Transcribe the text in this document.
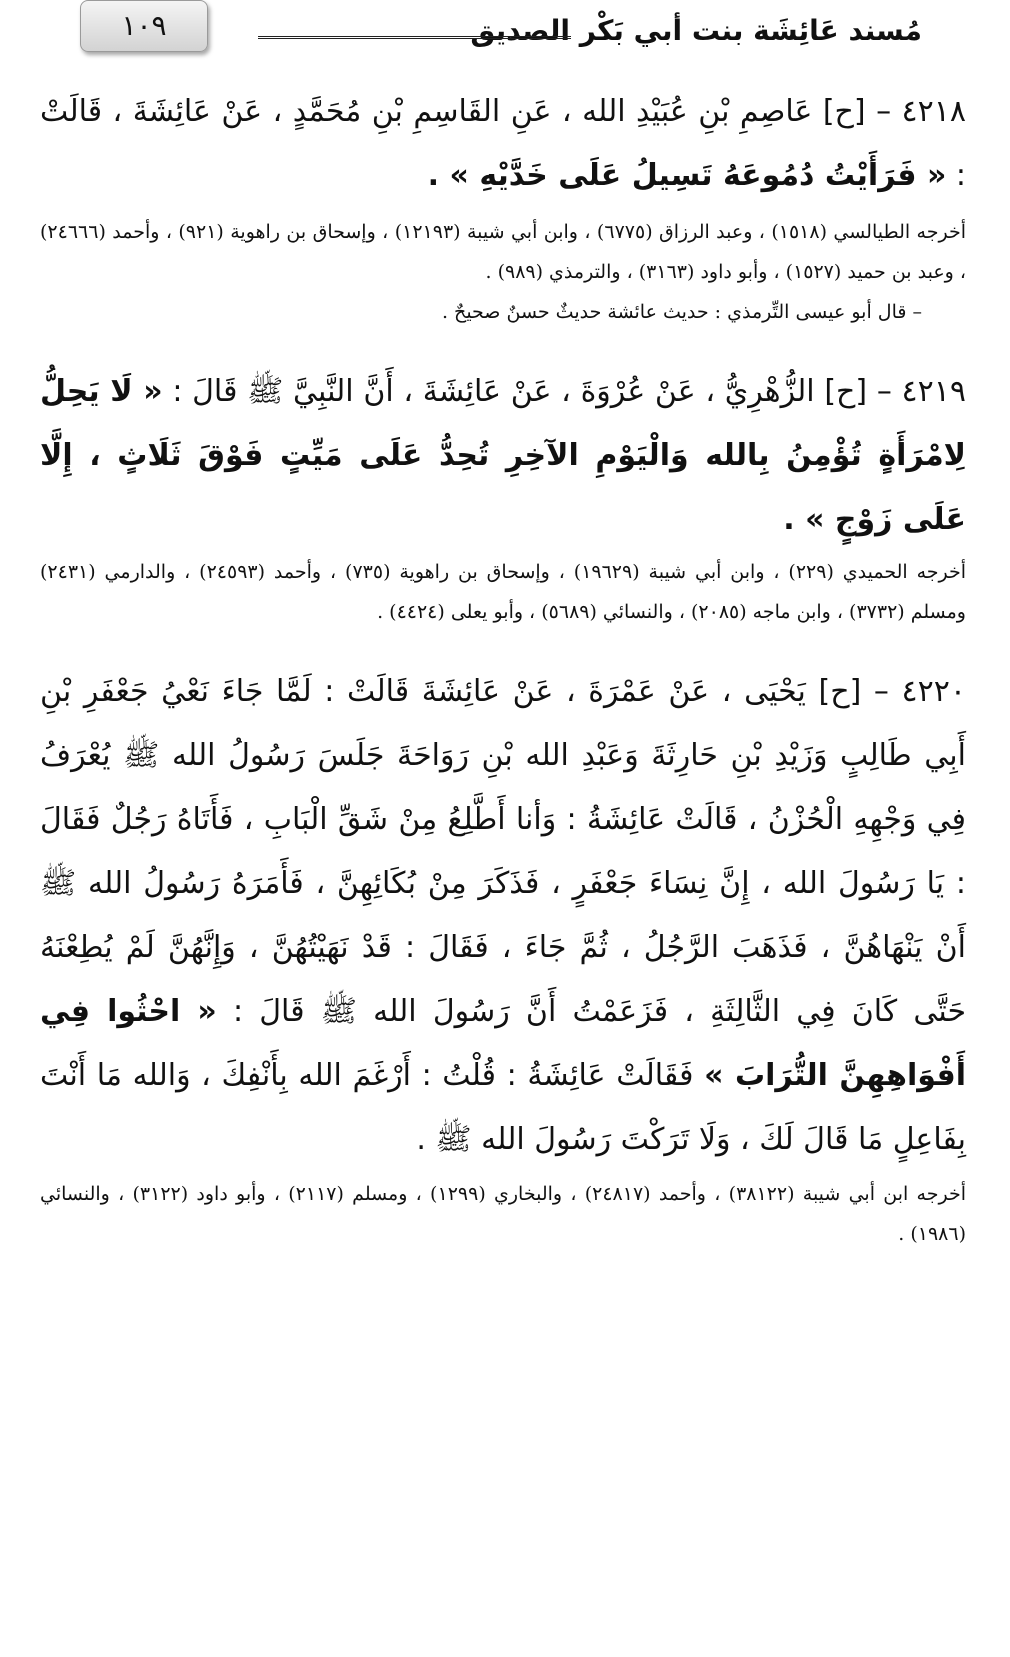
مُسند عَائِشَة بنت أبي بَكْر الصديق
١٠٩

٤٢١٨ – [ح] عَاصِمِ بْنِ عُبَيْدِ الله ، عَنِ القَاسِمِ بْنِ مُحَمَّدٍ ، عَنْ عَائِشَةَ ، قَالَتْ : « فَرَأَيْتُ دُمُوعَهُ تَسِيلُ عَلَى خَدَّيْهِ » .

أخرجه الطيالسي (١٥١٨) ، وعبد الرزاق (٦٧٧٥) ، وابن أبي شيبة (١٢١٩٣) ، وإسحاق بن راهوية (٩٢١) ، وأحمد (٢٤٦٦٦) ، وعبد بن حميد (١٥٢٧) ، وأبو داود (٣١٦٣) ، والترمذي (٩٨٩) .

– قال أبو عيسى التِّرمذي : حديث عائشة حديثٌ حسنٌ صحيحٌ .

٤٢١٩ – [ح] الزُّهْرِيُّ ، عَنْ عُرْوَةَ ، عَنْ عَائِشَةَ ، أَنَّ النَّبِيَّ ﷺ قَالَ : « لَا يَحِلُّ لِامْرَأَةٍ تُؤْمِنُ بِالله وَالْيَوْمِ الآخِرِ تُحِدُّ عَلَى مَيِّتٍ فَوْقَ ثَلَاثٍ ، إِلَّا عَلَى زَوْجٍ » .

أخرجه الحميدي (٢٢٩) ، وابن أبي شيبة (١٩٦٢٩) ، وإسحاق بن راهوية (٧٣٥) ، وأحمد (٢٤٥٩٣) ، والدارمي (٢٤٣١) ومسلم (٣٧٣٢) ، وابن ماجه (٢٠٨٥) ، والنسائي (٥٦٨٩) ، وأبو يعلى (٤٤٢٤) .

٤٢٢٠ – [ح] يَحْيَى ، عَنْ عَمْرَةَ ، عَنْ عَائِشَةَ قَالَتْ : لَمَّا جَاءَ نَعْيُ جَعْفَرِ بْنِ أَبِي طَالِبٍ وَزَيْدِ بْنِ حَارِثَةَ وَعَبْدِ الله بْنِ رَوَاحَةَ جَلَسَ رَسُولُ الله ﷺ يُعْرَفُ فِي وَجْهِهِ الْحُزْنُ ، قَالَتْ عَائِشَةُ : وَأنا أَطَّلِعُ مِنْ شَقِّ الْبَابِ ، فَأَتَاهُ رَجُلٌ فَقَالَ : يَا رَسُولَ الله ، إِنَّ نِسَاءَ جَعْفَرٍ ، فَذَكَرَ مِنْ بُكَائِهِنَّ ، فَأَمَرَهُ رَسُولُ الله ﷺ أَنْ يَنْهَاهُنَّ ، فَذَهَبَ الرَّجُلُ ، ثُمَّ جَاءَ ، فَقَالَ : قَدْ نَهَيْتُهُنَّ ، وَإِنَّهُنَّ لَمْ يُطِعْنَهُ حَتَّى كَانَ فِي الثَّالِثَةِ ، فَزَعَمْتُ أَنَّ رَسُولَ الله ﷺ قَالَ : « احْثُوا فِي أَفْوَاهِهِنَّ التُّرَابَ » فَقَالَتْ عَائِشَةُ : قُلْتُ : أَرْغَمَ الله بِأَنْفِكَ ، وَالله مَا أَنْتَ بِفَاعِلٍ مَا قَالَ لَكَ ، وَلَا تَرَكْتَ رَسُولَ الله ﷺ .

أخرجه ابن أبي شيبة (٣٨١٢٢) ، وأحمد (٢٤٨١٧) ، والبخاري (١٢٩٩) ، ومسلم (٢١١٧) ، وأبو داود (٣١٢٢) ، والنسائي (١٩٨٦) .
